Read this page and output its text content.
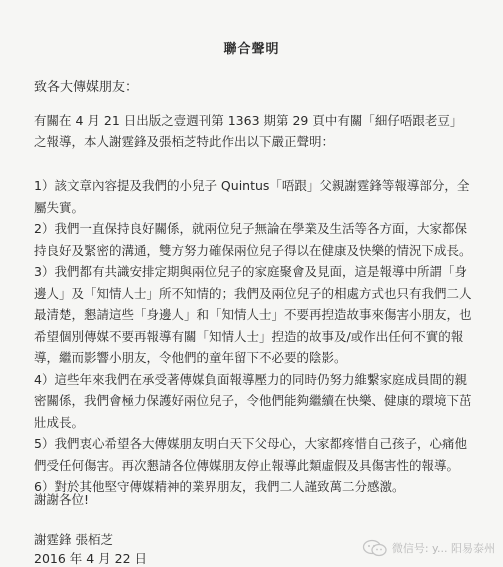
聯合聲明
致各大傳媒朋友：
有關在 4 月 21 日出版之壹週刊第 1363 期第 29 頁中有關「細仔唔跟老豆」之報導，本人謝霆鋒及張栢芝特此作出以下嚴正聲明：

1）該文章內容提及我們的小兒子 Quintus「唔跟」父親謝霆鋒等報導部分，全屬失實。

2）我們一直保持良好關係，就兩位兒子無論在學業及生活等各方面，大家都保持良好及緊密的溝通，雙方努力確保兩位兒子得以在健康及快樂的情況下成長。

3）我們都有共識安排定期與兩位兒子的家庭聚會及見面，這是報導中所謂「身邊人」及「知情人士」所不知情的；我們及兩位兒子的相處方式也只有我們二人最清楚，懇請這些「身邊人」和「知情人士」不要再揑造故事來傷害小朋友，也希望個別傳媒不要再報導有關「知情人士」揑造的故事及/或作出任何不實的報導，繼而影響小朋友，令他們的童年留下不必要的陰影。

4）這些年來我們在承受著傳媒負面報導壓力的同時仍努力維繫家庭成員間的親密關係，我們會極力保護好兩位兒子，令他們能夠繼續在快樂、健康的環境下茁壯成長。

5）我們衷心希望各大傳媒朋友明白天下父母心，大家都疼惜自己孩子，心痛他們受任何傷害。再次懇請各位傳媒朋友停止報導此類虛假及具傷害性的報導。

6）對於其他堅守傳媒精神的業界朋友，我們二人謹致萬二分感激。

謝謝各位!
謝霆鋒 張栢芝
2016 年 4 月 22 日
微信号: y... 阳易泰州
